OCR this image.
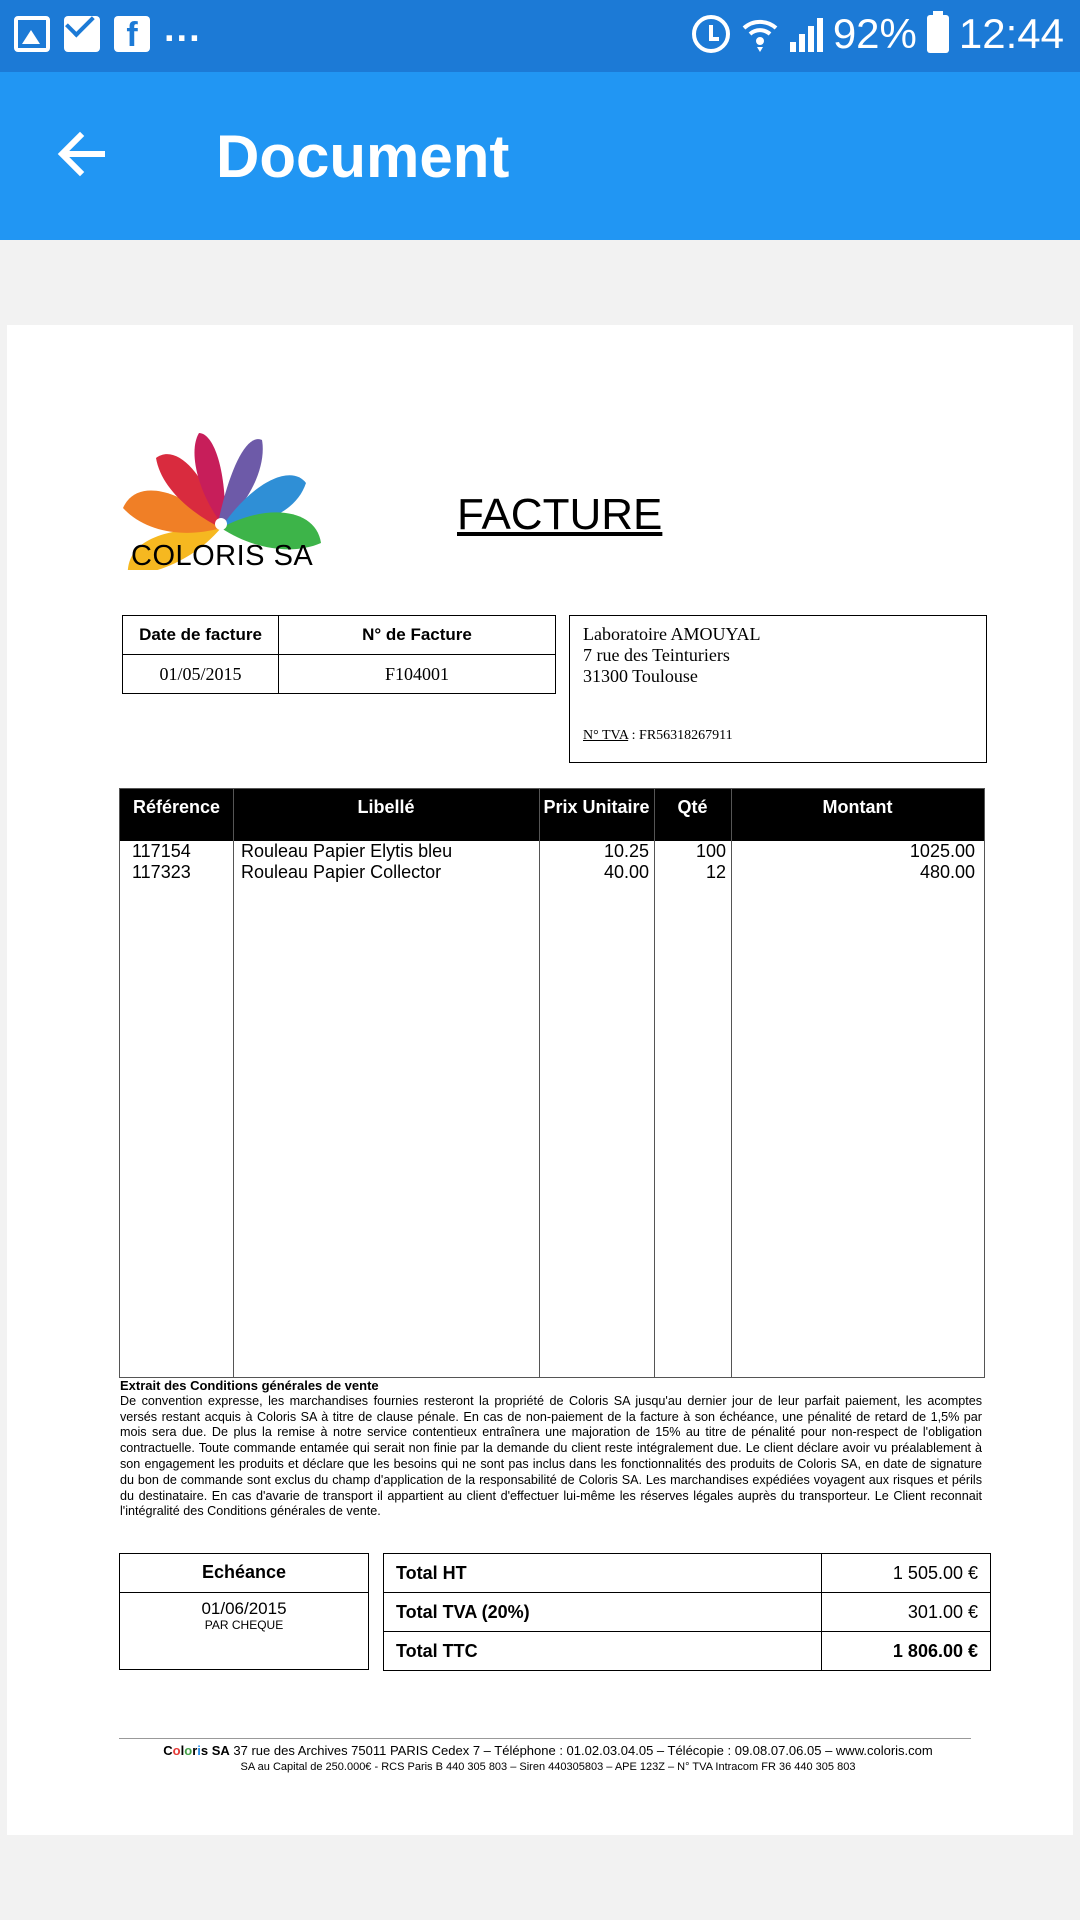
f ...	92% 12:44
Document
COLORIS SA
FACTURE
Date de facture	N° de Facture
01/05/2015	F104001
Laboratoire AMOUYAL
7 rue des Teinturiers
31300 Toulouse
N° TVA : FR56318267911
Référence	Libellé	Prix Unitaire	Qté	Montant
117154	Rouleau Papier Elytis bleu	10.25	100	1025.00
117323	Rouleau Papier Collector	40.00	12	480.00
Extrait des Conditions générales de vente
De convention expresse, les marchandises fournies resteront la propriété de Coloris SA jusqu'au dernier jour de leur parfait paiement, les acomptes versés restant acquis à Coloris SA à titre de clause pénale. En cas de non-paiement de la facture à son échéance, une pénalité de retard de 1,5% par mois sera due. De plus la remise à notre service contentieux entraînera une majoration de 15% au titre de pénalité pour non-respect de l'obligation contractuelle. Toute commande entamée qui serait non finie par la demande du client reste intégralement due. Le client déclare avoir vu préalablement à son engagement les produits et déclare que les besoins qui ne sont pas inclus dans les fonctionnalités des produits de Coloris SA, en date de signature du bon de commande sont exclus du champ d'application de la responsabilité de Coloris SA. Les marchandises expédiées voyagent aux risques et périls du destinataire. En cas d'avarie de transport il appartient au client d'effectuer lui-même les réserves légales auprès du transporteur. Le Client reconnait l'intégralité des Conditions générales de vente.
Echéance
01/06/2015
PAR CHEQUE
Total HT	1 505.00 €
Total TVA (20%)	301.00 €
Total TTC	1 806.00 €
Coloris SA 37 rue des Archives 75011 PARIS Cedex 7 – Téléphone : 01.02.03.04.05 – Télécopie : 09.08.07.06.05 – www.coloris.com
SA au Capital de 250.000€ - RCS Paris B 440 305 803 – Siren 440305803 – APE 123Z – N° TVA Intracom FR 36 440 305 803
